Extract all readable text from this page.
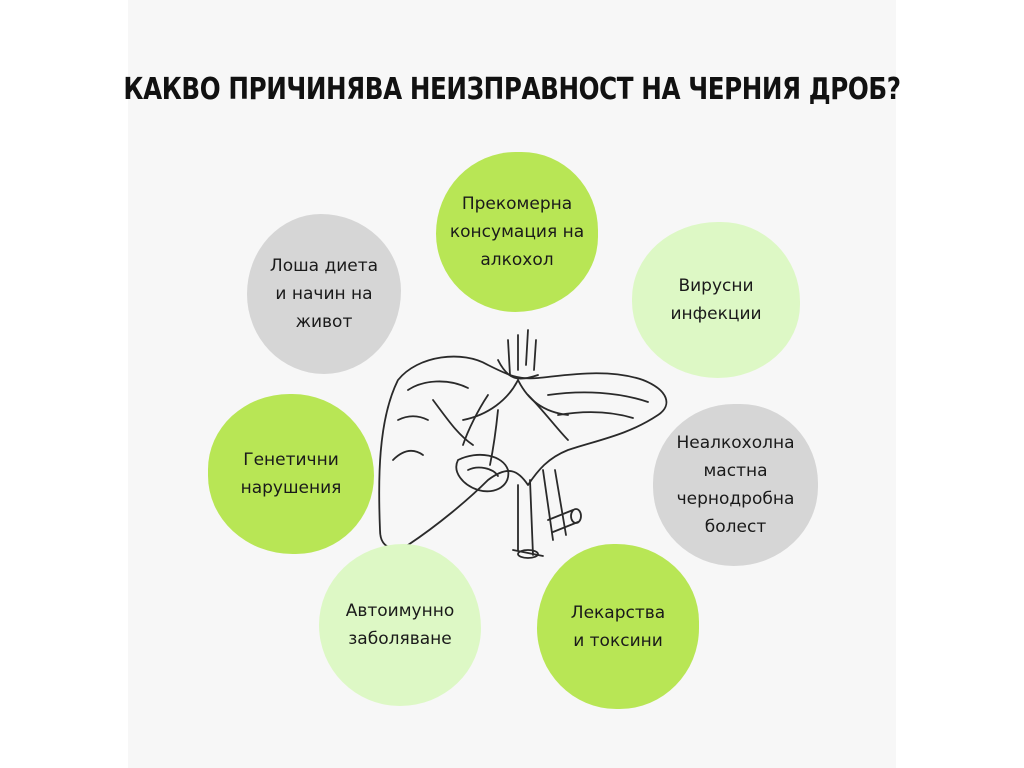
КАКВО ПРИЧИНЯВА НЕИЗПРАВНОСТ НА ЧЕРНИЯ ДРОБ?
Прекомерна
консумация на
алкохол
Лоша диета
и начин на
живот
Вирусни
инфекции
Генетични
нарушения
Неалкохолна
мастна
чернодробна
болест
Автоимунно
заболяване
Лекарства
и токсини
